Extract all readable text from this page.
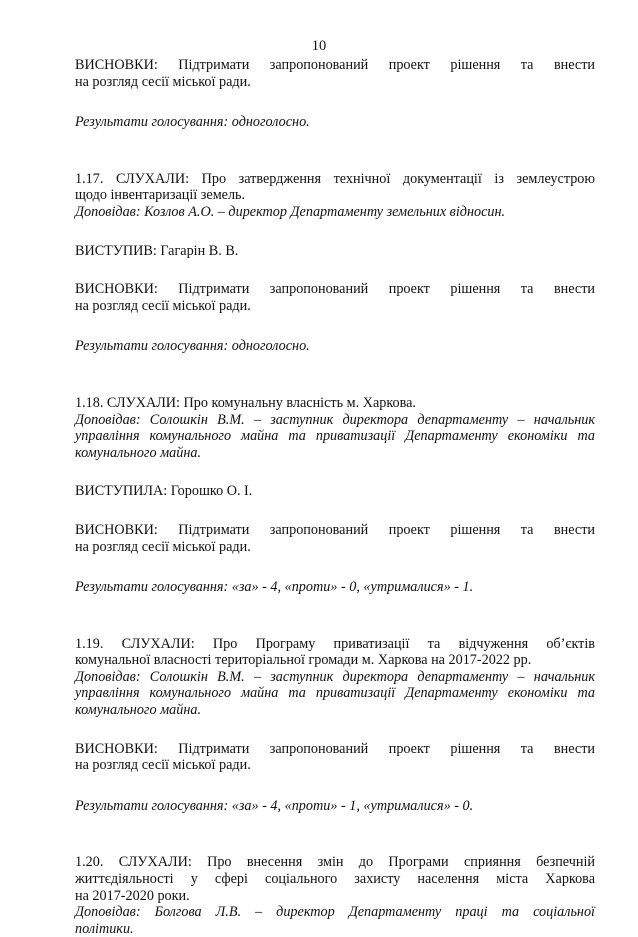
10

ВИСНОВКИ: Підтримати запропонований проект рішення та внести
на розгляд сесії міської ради.

Результати голосування: одноголосно.

1.17. СЛУХАЛИ: Про затвердження технічної документації із землеустрою
щодо інвентаризації земель.

Доповідав: Козлов А.О. – директор Департаменту земельних відносин.

ВИСТУПИВ: Гагарін В. В.

ВИСНОВКИ: Підтримати запропонований проект рішення та внести
на розгляд сесії міської ради.

Результати голосування: одноголосно.

1.18. СЛУХАЛИ: Про комунальну власність м. Харкова.

Доповідав: Солошкін В.М. – заступник директора департаменту – начальник
управління комунального майна та приватизації Департаменту економіки та
комунального майна.

ВИСТУПИЛА: Горошко О. І.

ВИСНОВКИ: Підтримати запропонований проект рішення та внести
на розгляд сесії міської ради.

Результати голосування: «за» - 4, «проти» - 0, «утрималися» - 1.

1.19. СЛУХАЛИ: Про Програму приватизації та відчуження об’єктів
комунальної власності територіальної громади м. Харкова на 2017-2022 рр.

Доповідав: Солошкін В.М. – заступник директора департаменту – начальник
управління комунального майна та приватизації Департаменту економіки та
комунального майна.

ВИСНОВКИ: Підтримати запропонований проект рішення та внести
на розгляд сесії міської ради.

Результати голосування: «за» - 4, «проти» - 1, «утрималися» - 0.

1.20. СЛУХАЛИ: Про внесення змін до Програми сприяння безпечній
життєдіяльності у сфері соціального захисту населення міста Харкова
на 2017-2020 роки.

Доповідав: Болгова Л.В. – директор Департаменту праці та соціальної
політики.
